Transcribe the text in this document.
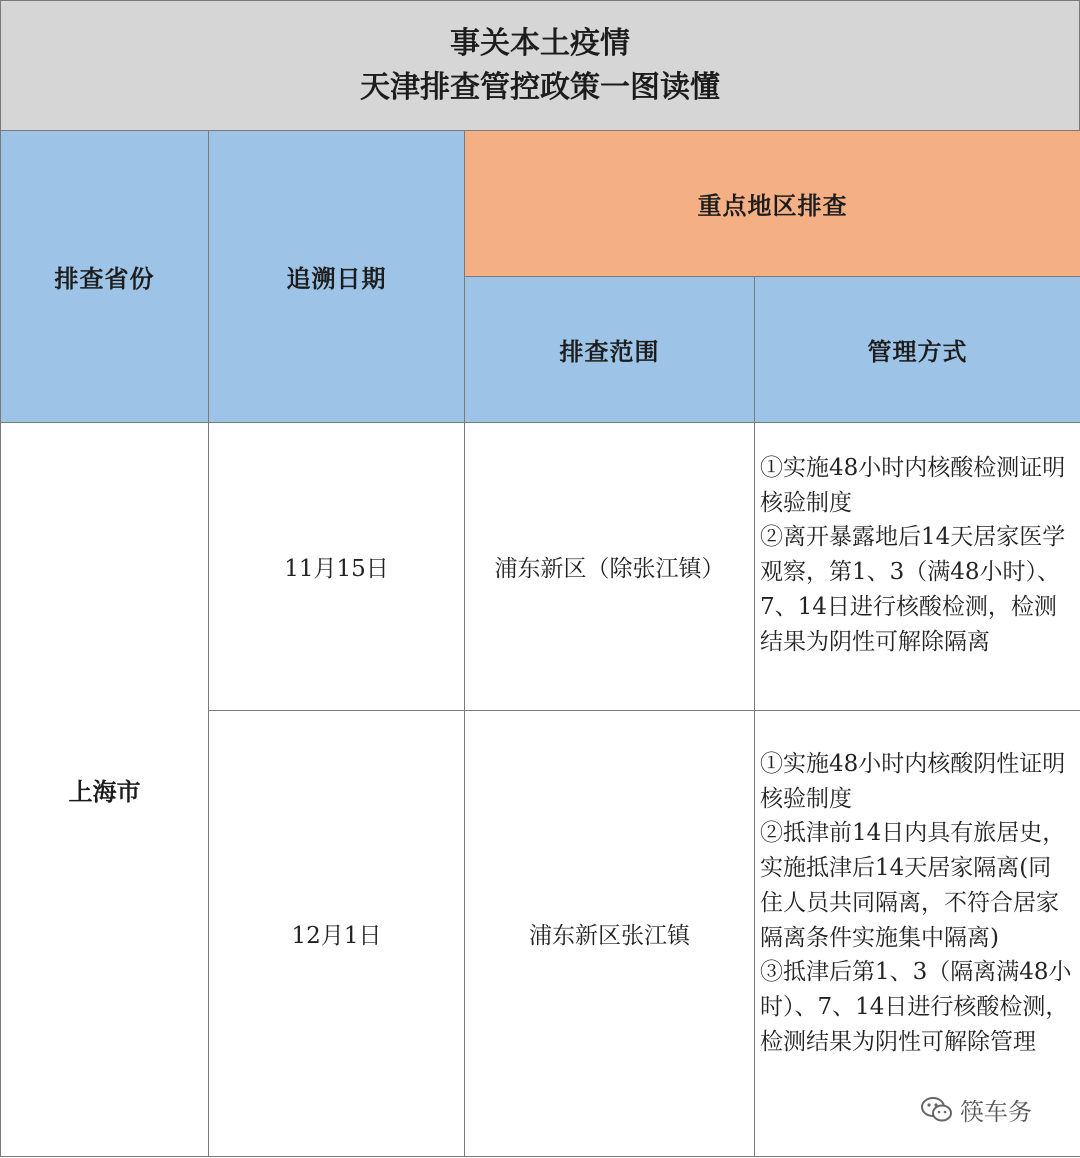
事关本土疫情
天津排查管控政策一图读懂
排查省份	追溯日期	重点地区排查	
		排查范围	管理方式
上海市	11月15日	浦东新区（除张江镇）	①实施48小时内核酸检测证明核验制度
②离开暴露地后14天居家医学观察，第1、3（满48小时）、7、14日进行核酸检测，检测结果为阴性可解除隔离

	12月1日	浦东新区张江镇	①实施48小时内核酸阴性证明核验制度
②抵津前14日内具有旅居史，实施抵津后14天居家隔离(同住人员共同隔离，不符合居家隔离条件实施集中隔离)
③抵津后第1、3（隔离满48小时）、7、14日进行核酸检测，检测结果为阴性可解除管理
筷车务
